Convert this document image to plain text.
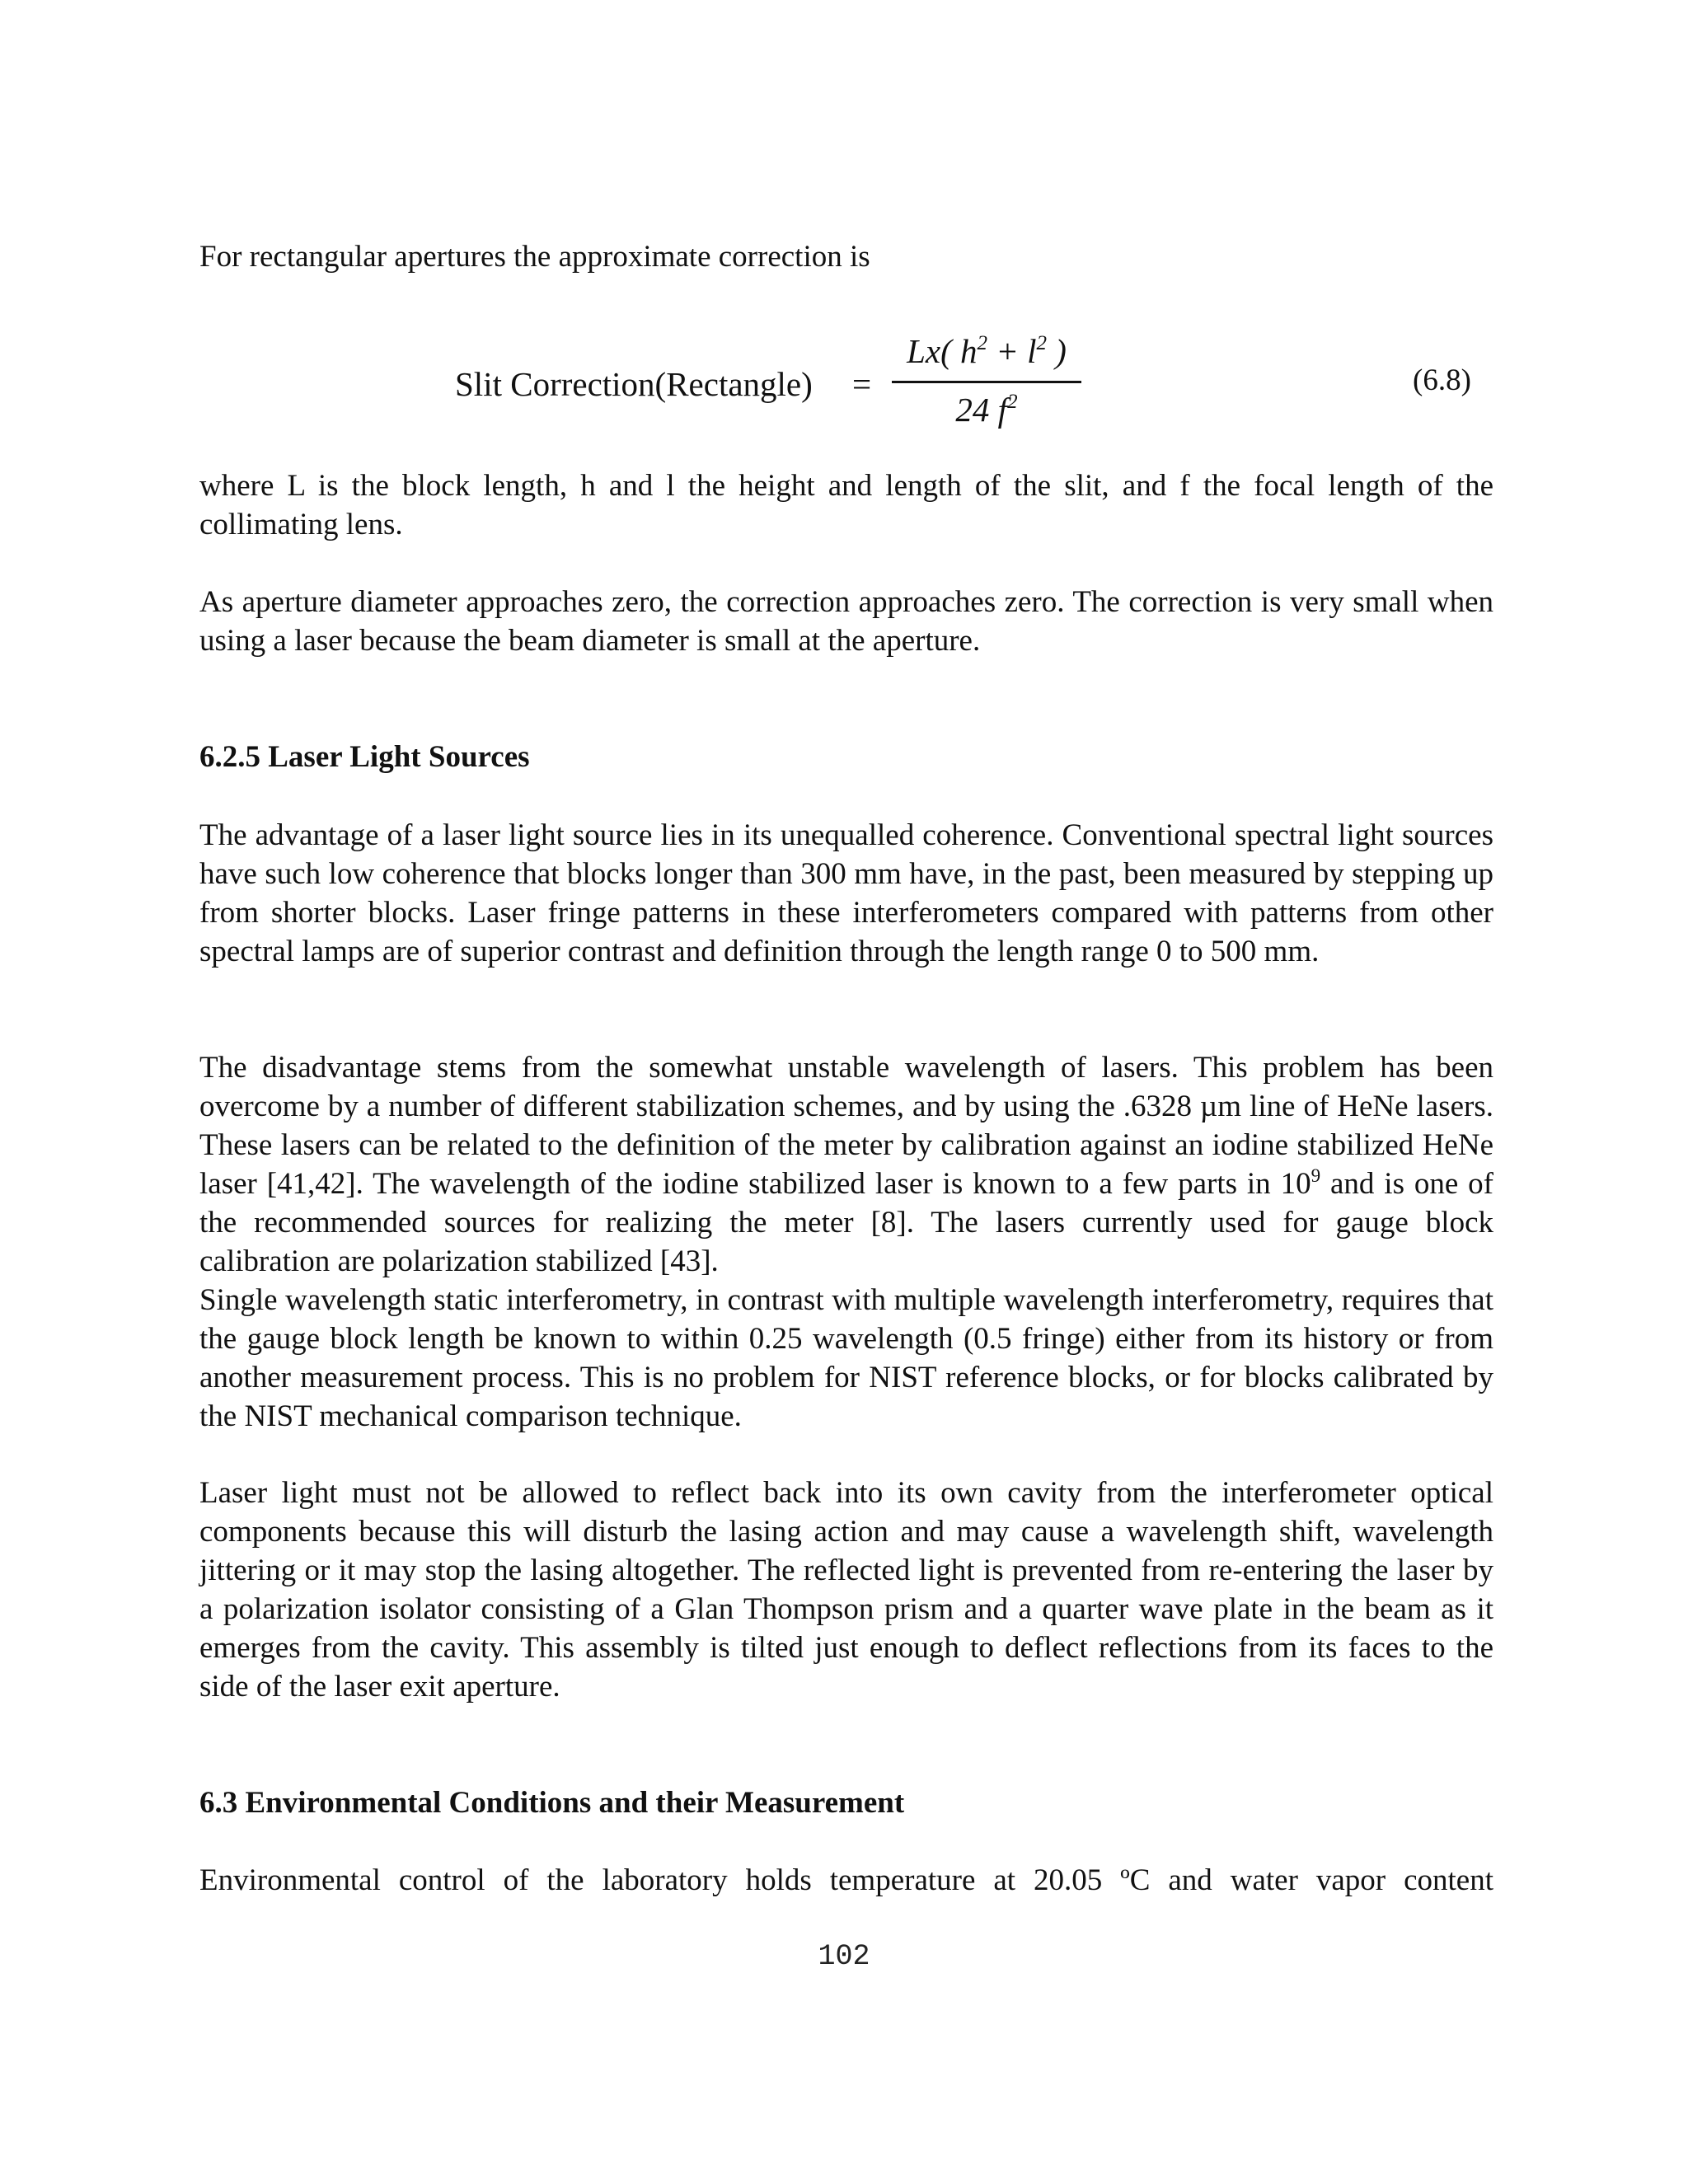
For rectangular apertures the approximate correction is

Slit Correction(Rectangle) =
Lx( $h^2 + l^2$ )
24 $f^2$
(6.8)

where L is the block length, h and l the height and length of the slit, and f the focal length of the collimating lens.

As aperture diameter approaches zero, the correction approaches zero. The correction is very small when using a laser because the beam diameter is small at the aperture.

6.2.5 Laser Light Sources

The advantage of a laser light source lies in its unequalled coherence. Conventional spectral light sources have such low coherence that blocks longer than 300 mm have, in the past, been measured by stepping up from shorter blocks. Laser fringe patterns in these interferometers compared with patterns from other spectral lamps are of superior contrast and definition through the length range 0 to 500 mm.

The disadvantage stems from the somewhat unstable wavelength of lasers. This problem has been overcome by a number of different stabilization schemes, and by using the .6328 µm line of HeNe lasers. These lasers can be related to the definition of the meter by calibration against an iodine stabilized HeNe laser [41,42]. The wavelength of the iodine stabilized laser is known to a few parts in $10^9$ and is one of the recommended sources for realizing the meter [8]. The lasers currently used for gauge block calibration are polarization stabilized [43].

Single wavelength static interferometry, in contrast with multiple wavelength interferometry, requires that the gauge block length be known to within 0.25 wavelength (0.5 fringe) either from its history or from another measurement process. This is no problem for NIST reference blocks, or for blocks calibrated by the NIST mechanical comparison technique.

Laser light must not be allowed to reflect back into its own cavity from the interferometer optical components because this will disturb the lasing action and may cause a wavelength shift, wavelength jittering or it may stop the lasing altogether. The reflected light is prevented from re-entering the laser by a polarization isolator consisting of a Glan Thompson prism and a quarter wave plate in the beam as it emerges from the cavity. This assembly is tilted just enough to deflect reflections from its faces to the side of the laser exit aperture.

6.3 Environmental Conditions and their Measurement

Environmental control of the laboratory holds temperature at 20.05 ºC and water vapor content

102
